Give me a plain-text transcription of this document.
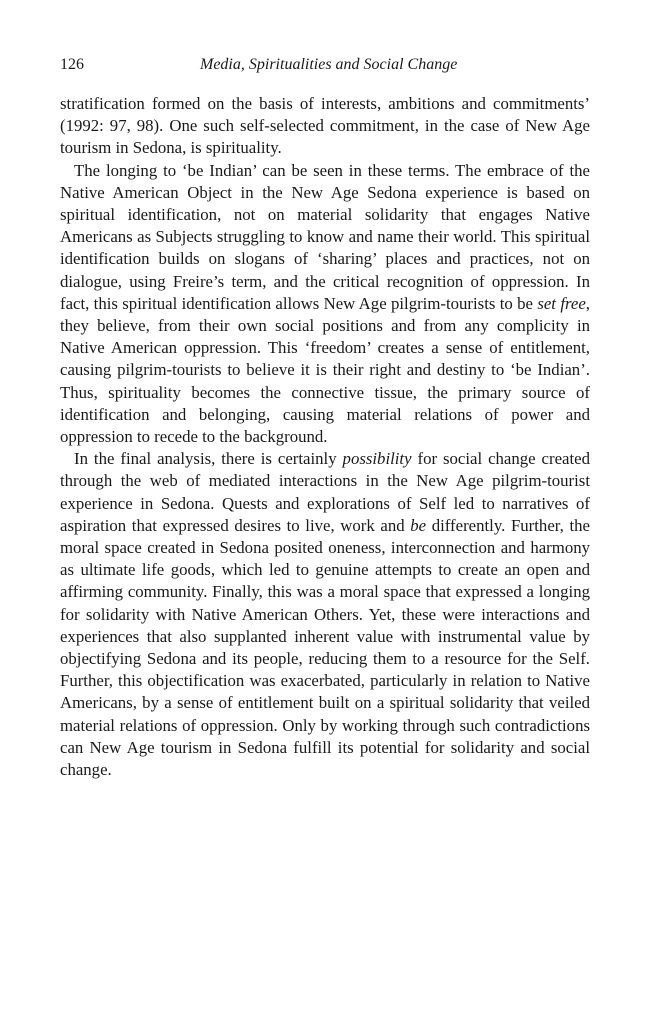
126	Media, Spiritualities and Social Change

stratification formed on the basis of interests, ambitions and commitments’ (1992: 97, 98). One such self-selected commitment, in the case of New Age tourism in Sedona, is spirituality.

The longing to ‘be Indian’ can be seen in these terms. The embrace of the Native American Object in the New Age Sedona experience is based on spiritual identification, not on material solidarity that engages Native Americans as Subjects struggling to know and name their world. This spiritual identification builds on slogans of ‘sharing’ places and practices, not on dialogue, using Freire’s term, and the critical recognition of oppression. In fact, this spiritual identification allows New Age pilgrim-tourists to be set free, they believe, from their own social positions and from any complicity in Native American oppression. This ‘freedom’ creates a sense of entitlement, causing pilgrim-tourists to believe it is their right and destiny to ‘be Indian’. Thus, spirituality becomes the connective tissue, the primary source of identification and belonging, causing material relations of power and oppression to recede to the background.

In the final analysis, there is certainly possibility for social change created through the web of mediated interactions in the New Age pilgrim-tourist experience in Sedona. Quests and explorations of Self led to narratives of aspiration that expressed desires to live, work and be differently. Further, the moral space created in Sedona posited oneness, interconnection and harmony as ultimate life goods, which led to genuine attempts to create an open and affirming community. Finally, this was a moral space that expressed a longing for solidarity with Native American Others. Yet, these were interactions and experiences that also supplanted inherent value with instrumental value by objectifying Sedona and its people, reducing them to a resource for the Self. Further, this objectification was exacerbated, particularly in relation to Native Americans, by a sense of entitlement built on a spiritual solidarity that veiled material relations of oppression. Only by working through such contradictions can New Age tourism in Sedona fulfill its potential for solidarity and social change.
